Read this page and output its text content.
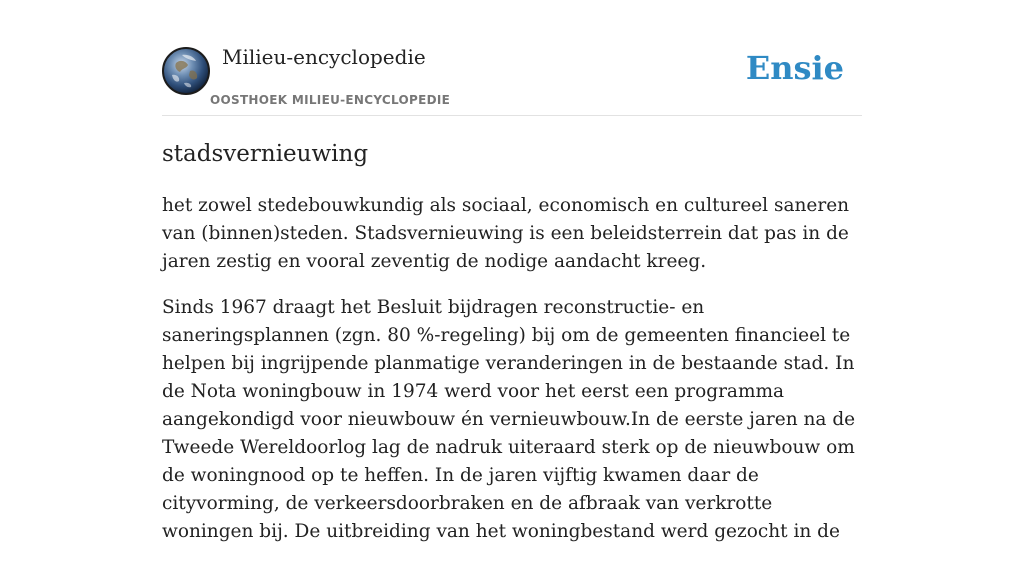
Milieu-encyclopedie
OOSTHOEK MILIEU-ENCYCLOPEDIE
Ensie
stadsvernieuwing

het zowel stedebouwkundig als sociaal, economisch en cultureel saneren van (binnen)steden. Stadsvernieuwing is een beleidsterrein dat pas in de jaren zestig en vooral zeventig de nodige aandacht kreeg.

Sinds 1967 draagt het Besluit bijdragen reconstructie- en saneringsplannen (zgn. 80 %-regeling) bij om de gemeenten financieel te helpen bij ingrijpende planmatige veranderingen in de bestaande stad. In de Nota woningbouw in 1974 werd voor het eerst een programma aangekondigd voor nieuwbouw én vernieuwbouw.In de eerste jaren na de Tweede Wereldoorlog lag de nadruk uiteraard sterk op de nieuwbouw om de woningnood op te heffen. In de jaren vijftig kwamen daar de cityvorming, de verkeersdoorbraken en de afbraak van verkrotte woningen bij. De uitbreiding van het woningbestand werd gezocht in de
